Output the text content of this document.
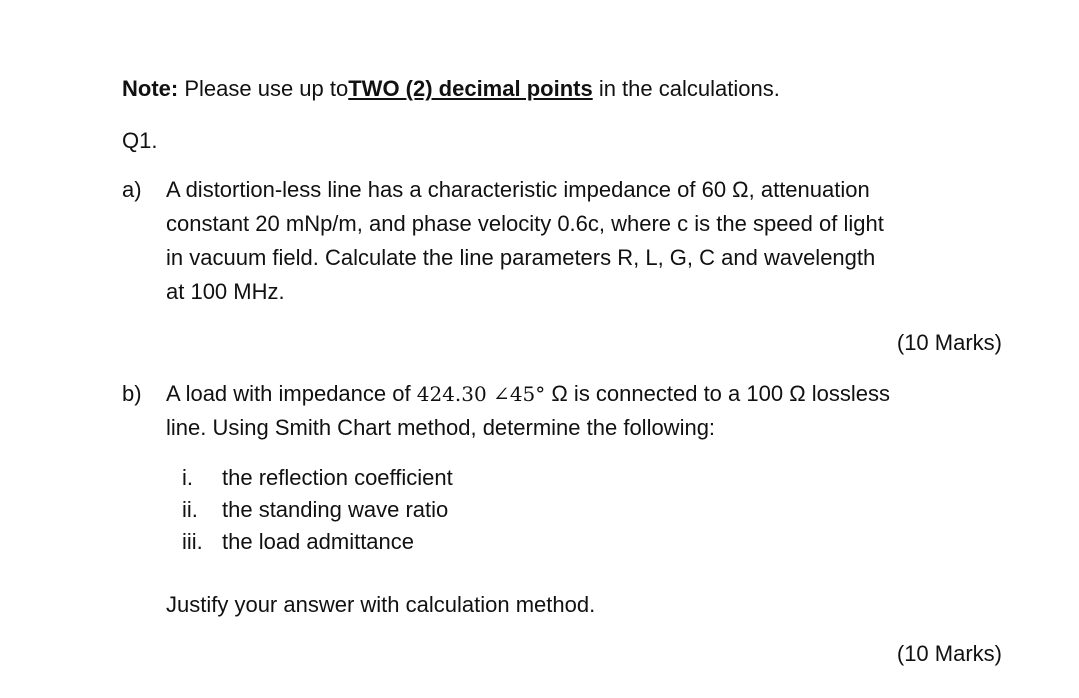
Note: Please use up toTWO (2) decimal points in the calculations.
Q1.
a) A distortion-less line has a characteristic impedance of 60 Ω, attenuation
constant 20 mNp/m, and phase velocity 0.6c, where c is the speed of light
in vacuum field. Calculate the line parameters R, L, G, C and wavelength
at 100 MHz.
(10 Marks)
b) A load with impedance of 424.30 ∠45° Ω is connected to a 100 Ω lossless
line. Using Smith Chart method, determine the following:
i. the reflection coefficient
ii. the standing wave ratio
iii. the load admittance
Justify your answer with calculation method.
(10 Marks)
